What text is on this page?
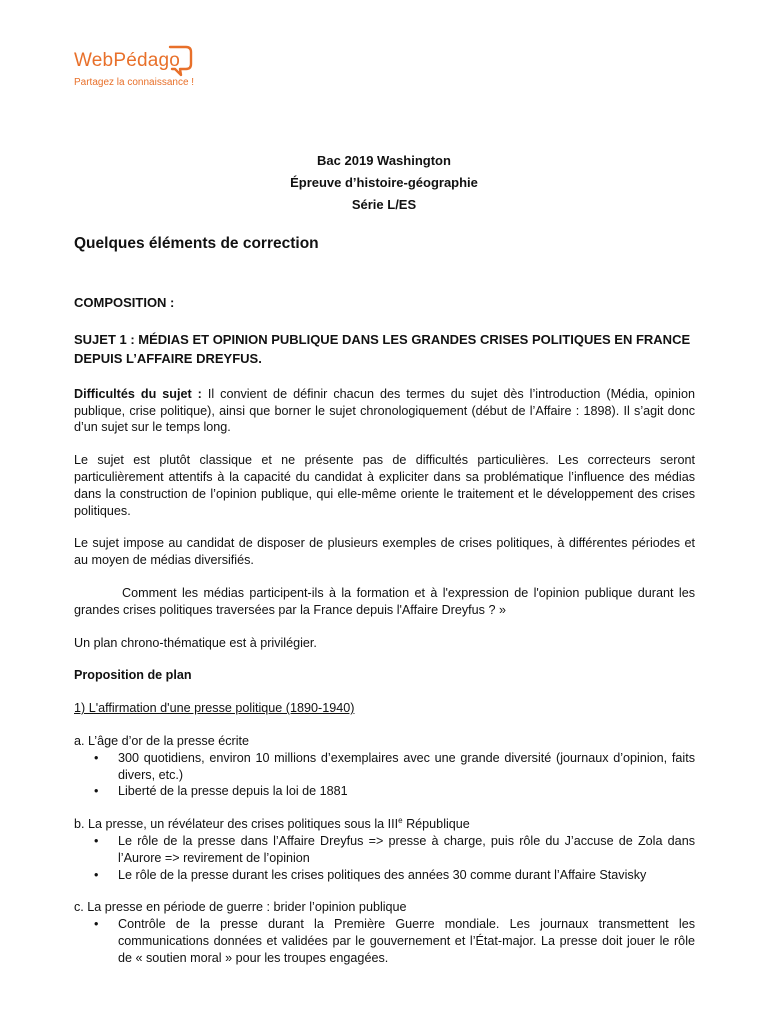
WebPédago
Partagez la connaissance !
Bac 2019 Washington
Épreuve d’histoire-géographie
Série L/ES

Quelques éléments de correction

COMPOSITION :

SUJET 1 : MÉDIAS ET OPINION PUBLIQUE DANS LES GRANDES CRISES POLITIQUES EN FRANCE DEPUIS L’AFFAIRE DREYFUS.

Difficultés du sujet : Il convient de définir chacun des termes du sujet dès l’introduction (Média, opinion publique, crise politique), ainsi que borner le sujet chronologiquement (début de l’Affaire : 1898). Il s’agit donc d’un sujet sur le temps long.

Le sujet est plutôt classique et ne présente pas de difficultés particulières. Les correcteurs seront particulièrement attentifs à la capacité du candidat à expliciter dans sa problématique l’influence des médias dans la construction de l’opinion publique, qui elle-même oriente le traitement et le développement des crises politiques.

Le sujet impose au candidat de disposer de plusieurs exemples de crises politiques, à différentes périodes et au moyen de médias diversifiés.

Comment les médias participent-ils à la formation et à l'expression de l'opinion publique durant les grandes crises politiques traversées par la France depuis l'Affaire Dreyfus ? »

Un plan chrono-thématique est à privilégier.

Proposition de plan

1) L'affirmation d'une presse politique (1890-1940)

a. L’âge d’or de la presse écrite

• 300 quotidiens, environ 10 millions d’exemplaires avec une grande diversité (journaux d’opinion, faits divers, etc.)
• Liberté de la presse depuis la loi de 1881

b. La presse, un révélateur des crises politiques sous la IIIe République

• Le rôle de la presse dans l’Affaire Dreyfus => presse à charge, puis rôle du J’accuse de Zola dans l’Aurore => revirement de l’opinion
• Le rôle de la presse durant les crises politiques des années 30 comme durant l’Affaire Stavisky

c. La presse en période de guerre : brider l’opinion publique

• Contrôle de la presse durant la Première Guerre mondiale. Les journaux transmettent les communications données et validées par le gouvernement et l’État-major. La presse doit jouer le rôle de « soutien moral » pour les troupes engagées.
